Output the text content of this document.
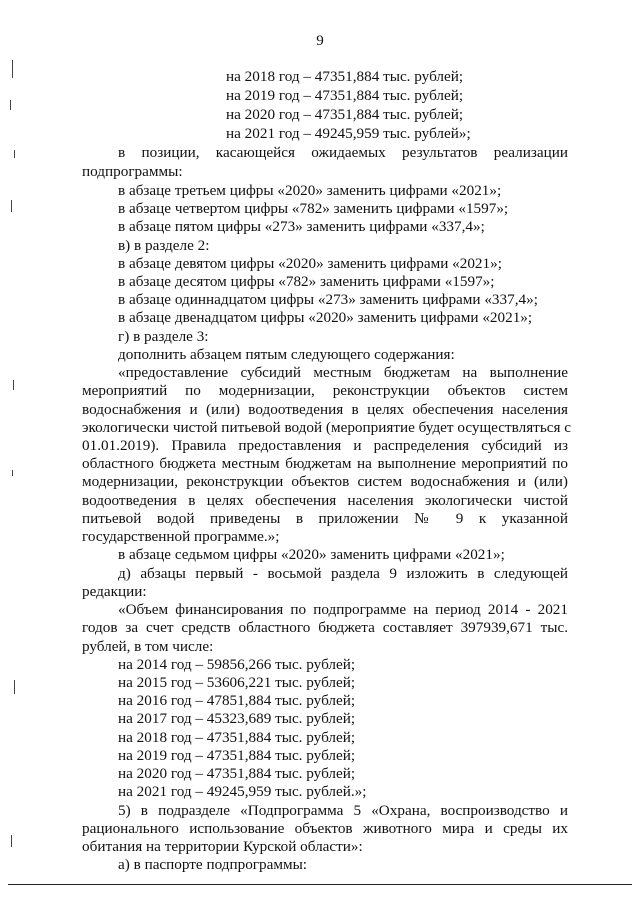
9
на 2018 год – 47351,884 тыс. рублей;
на 2019 год – 47351,884 тыс. рублей;
на 2020 год – 47351,884 тыс. рублей;
на 2021 год – 49245,959 тыс. рублей»;
в позиции, касающейся ожидаемых результатов реализации
подпрограммы:
в абзаце третьем цифры «2020» заменить цифрами «2021»;
в абзаце четвертом цифры «782» заменить цифрами «1597»;
в абзаце пятом цифры «273» заменить цифрами «337,4»;
в) в разделе 2:
в абзаце девятом цифры «2020» заменить цифрами «2021»;
в абзаце десятом цифры «782» заменить цифрами «1597»;
в абзаце одиннадцатом цифры «273» заменить цифрами «337,4»;
в абзаце двенадцатом цифры «2020» заменить цифрами «2021»;
г) в разделе 3:
дополнить абзацем пятым следующего содержания:
«предоставление субсидий местным бюджетам на выполнение
мероприятий по модернизации, реконструкции объектов систем
водоснабжения и (или) водоотведения в целях обеспечения населения
экологически чистой питьевой водой (мероприятие будет осуществляться с
01.01.2019). Правила предоставления и распределения субсидий из
областного бюджета местным бюджетам на выполнение мероприятий по
модернизации, реконструкции объектов систем водоснабжения и (или)
водоотведения в целях обеспечения населения экологически чистой
питьевой водой приведены в приложении № 9 к указанной
государственной программе.»;
в абзаце седьмом цифры «2020» заменить цифрами «2021»;
д) абзацы первый - восьмой раздела 9 изложить в следующей
редакции:
«Объем финансирования по подпрограмме на период 2014 - 2021
годов за счет средств областного бюджета составляет 397939,671 тыс.
рублей, в том числе:
на 2014 год – 59856,266 тыс. рублей;
на 2015 год – 53606,221 тыс. рублей;
на 2016 год – 47851,884 тыс. рублей;
на 2017 год – 45323,689 тыс. рублей;
на 2018 год – 47351,884 тыс. рублей;
на 2019 год – 47351,884 тыс. рублей;
на 2020 год – 47351,884 тыс. рублей;
на 2021 год – 49245,959 тыс. рублей.»;
5) в подразделе «Подпрограмма 5 «Охрана, воспроизводство и
рационального использование объектов животного мира и среды их
обитания на территории Курской области»:
а) в паспорте подпрограммы:
